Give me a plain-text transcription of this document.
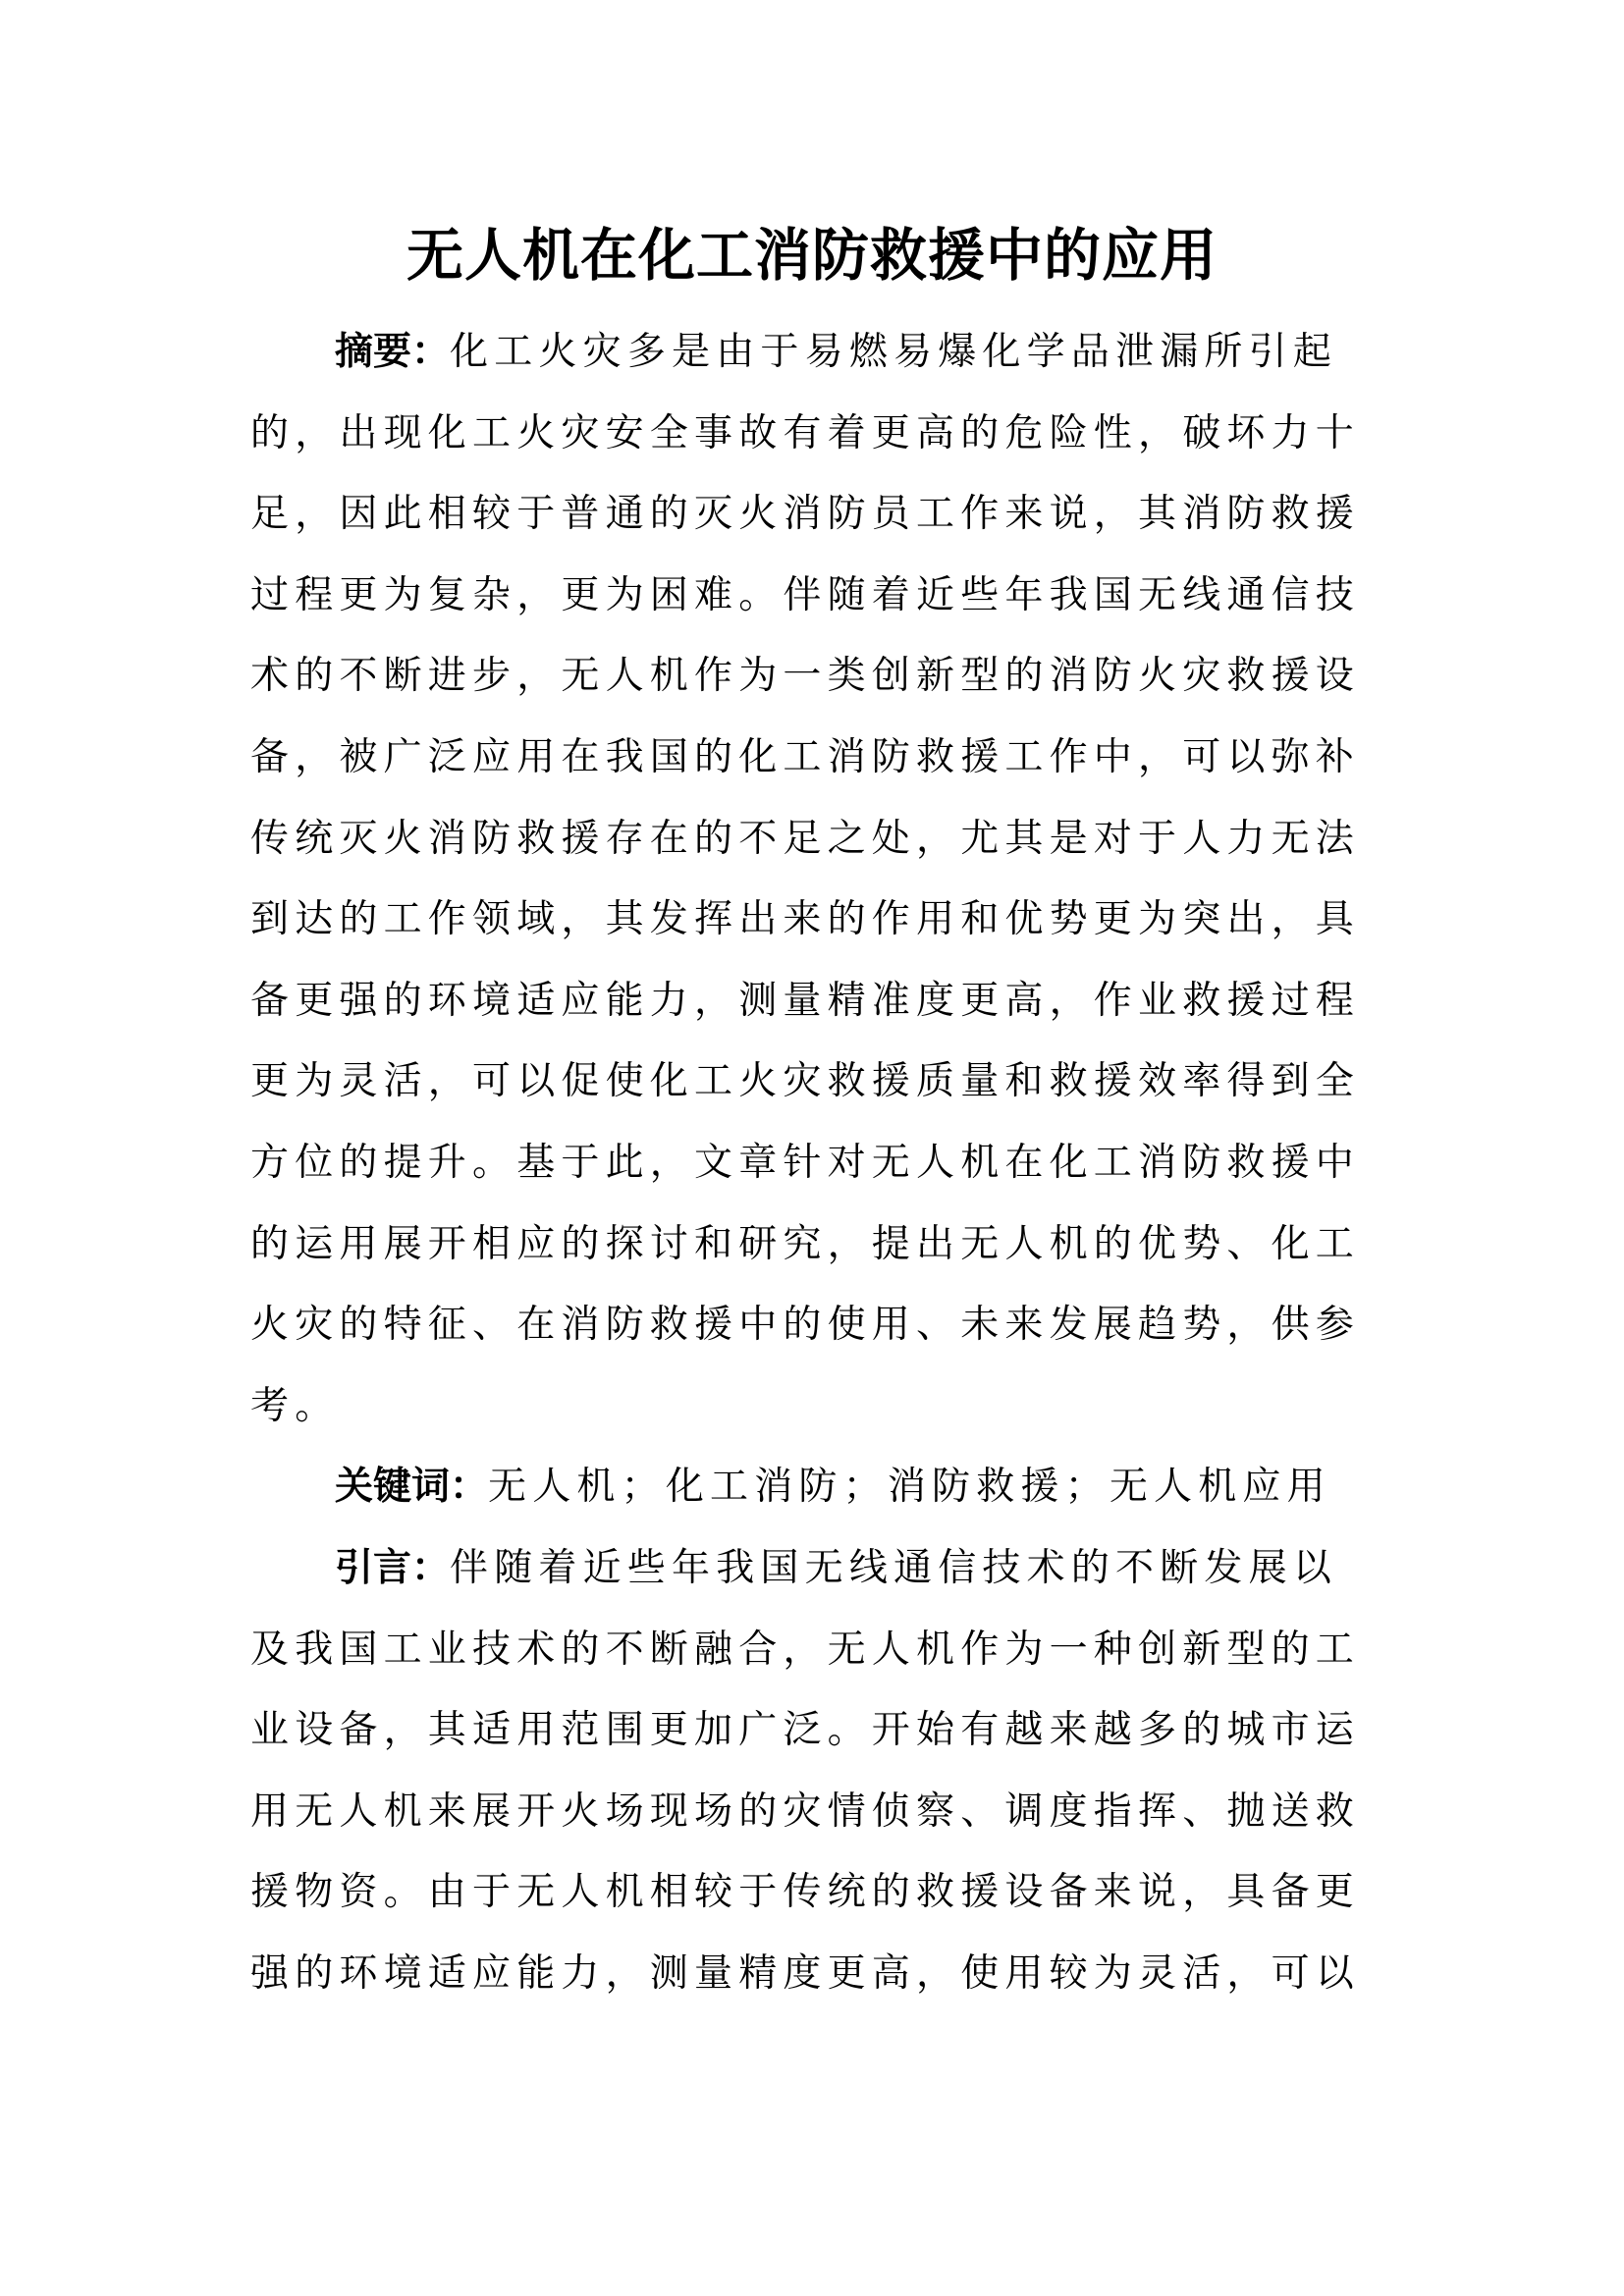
无人机在化工消防救援中的应用
摘要：化工火灾多是由于易燃易爆化学品泄漏所引起
的，出现化工火灾安全事故有着更高的危险性，破坏力十
足，因此相较于普通的灭火消防员工作来说，其消防救援
过程更为复杂，更为困难。伴随着近些年我国无线通信技
术的不断进步，无人机作为一类创新型的消防火灾救援设
备，被广泛应用在我国的化工消防救援工作中，可以弥补
传统灭火消防救援存在的不足之处，尤其是对于人力无法
到达的工作领域，其发挥出来的作用和优势更为突出，具
备更强的环境适应能力，测量精准度更高，作业救援过程
更为灵活，可以促使化工火灾救援质量和救援效率得到全
方位的提升。基于此，文章针对无人机在化工消防救援中
的运用展开相应的探讨和研究，提出无人机的优势、化工
火灾的特征、在消防救援中的使用、未来发展趋势，供参
考。
关键词：无人机；化工消防；消防救援；无人机应用
引言：伴随着近些年我国无线通信技术的不断发展以
及我国工业技术的不断融合，无人机作为一种创新型的工
业设备，其适用范围更加广泛。开始有越来越多的城市运
用无人机来展开火场现场的灾情侦察、调度指挥、抛送救
援物资。由于无人机相较于传统的救援设备来说，具备更
强的环境适应能力，测量精度更高，使用较为灵活，可以
